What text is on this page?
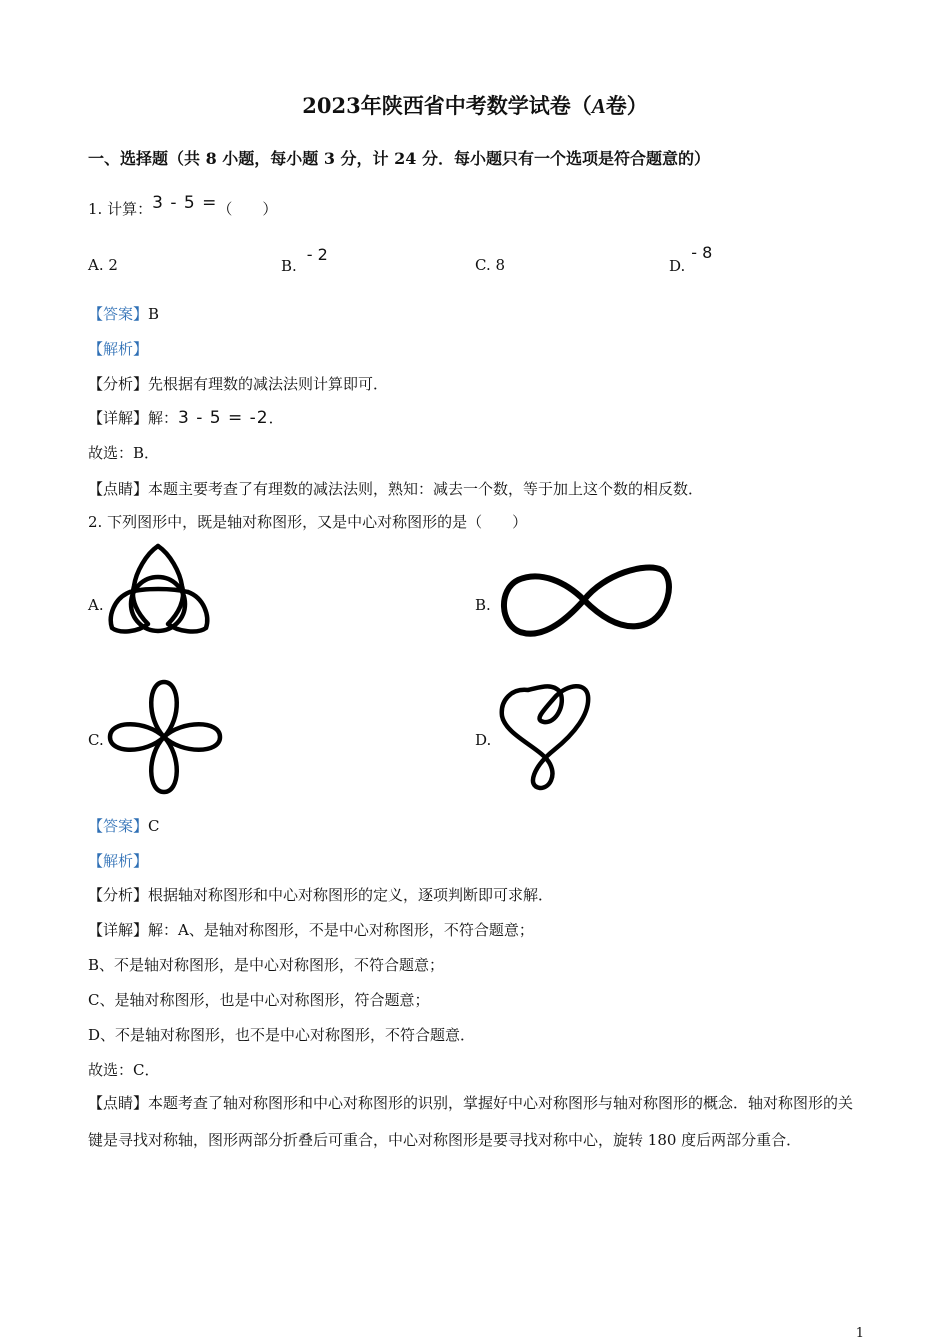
2023年陕西省中考数学试卷（A卷）
一、选择题（共 8 小题，每小题 3 分，计 24 分．每小题只有一个选项是符合题意的）
1. 计算：3 - 5 =（　　）
A. 2	B.- 2
C. 8	D.- 8
【答案】B
【解析】
【分析】先根据有理数的减法法则计算即可．
【详解】解：3 - 5 = -2．
故选：B．
【点睛】本题主要考查了有理数的减法法则，熟知：减去一个数，等于加上这个数的相反数．
2. 下列图形中，既是轴对称图形，又是中心对称图形的是（　　）
A.	B.
C.	D.
【答案】C
【解析】
【分析】根据轴对称图形和中心对称图形的定义，逐项判断即可求解．
【详解】解：A、是轴对称图形，不是中心对称图形，不符合题意；
B、不是轴对称图形，是中心对称图形，不符合题意；
C、是轴对称图形，也是中心对称图形，符合题意；
D、不是轴对称图形，也不是中心对称图形，不符合题意．
故选：C．
【点睛】本题考查了轴对称图形和中心对称图形的识别，掌握好中心对称图形与轴对称图形的概念．轴对称图形的关键是寻找对称轴，图形两部分折叠后可重合，中心对称图形是要寻找对称中心，旋转 180 度后两部分重合．
1
